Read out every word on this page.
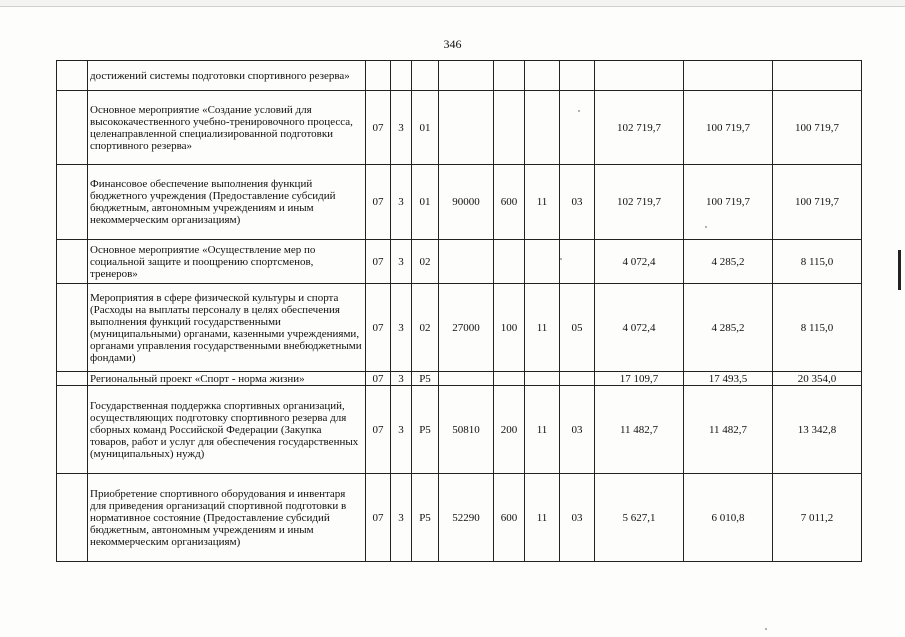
346
	достижений системы подготовки спортивного резерва»										
	Основное мероприятие «Создание условий для высококачественного учебно-тренировочного процесса, целенаправленной специализированной подготовки спортивного резерва»	07	3	01					102 719,7	100 719,7	100 719,7
	Финансовое обеспечение выполнения функций бюджетного учреждения (Предоставление субсидий бюджетным, автономным учреждениям и иным некоммерческим организациям)	07	3	01	90000	600	11	03	102 719,7	100 719,7	100 719,7
	Основное мероприятие «Осуществление мер по социальной защите и поощрению спортсменов, тренеров»	07	3	02					4 072,4	4 285,2	8 115,0
	Мероприятия в сфере физической культуры и спорта (Расходы на выплаты персоналу в целях обеспечения выполнения функций государственными (муниципальными) органами, казенными учреждениями, органами управления государственными внебюджетными фондами)	07	3	02	27000	100	11	05	4 072,4	4 285,2	8 115,0
	Региональный проект «Спорт - норма жизни»	07	3	Р5					17 109,7	17 493,5	20 354,0
	Государственная поддержка спортивных организаций, осуществляющих подготовку спортивного резерва для сборных команд Российской Федерации (Закупка товаров, работ и услуг для обеспечения государственных (муниципальных) нужд)	07	3	Р5	50810	200	11	03	11 482,7	11 482,7	13 342,8
	Приобретение спортивного оборудования и инвентаря для приведения организаций спортивной подготовки в нормативное состояние (Предоставление субсидий бюджетным, автономным учреждениям и иным некоммерческим организациям)	07	3	Р5	52290	600	11	03	5 627,1	6 010,8	7 011,2
